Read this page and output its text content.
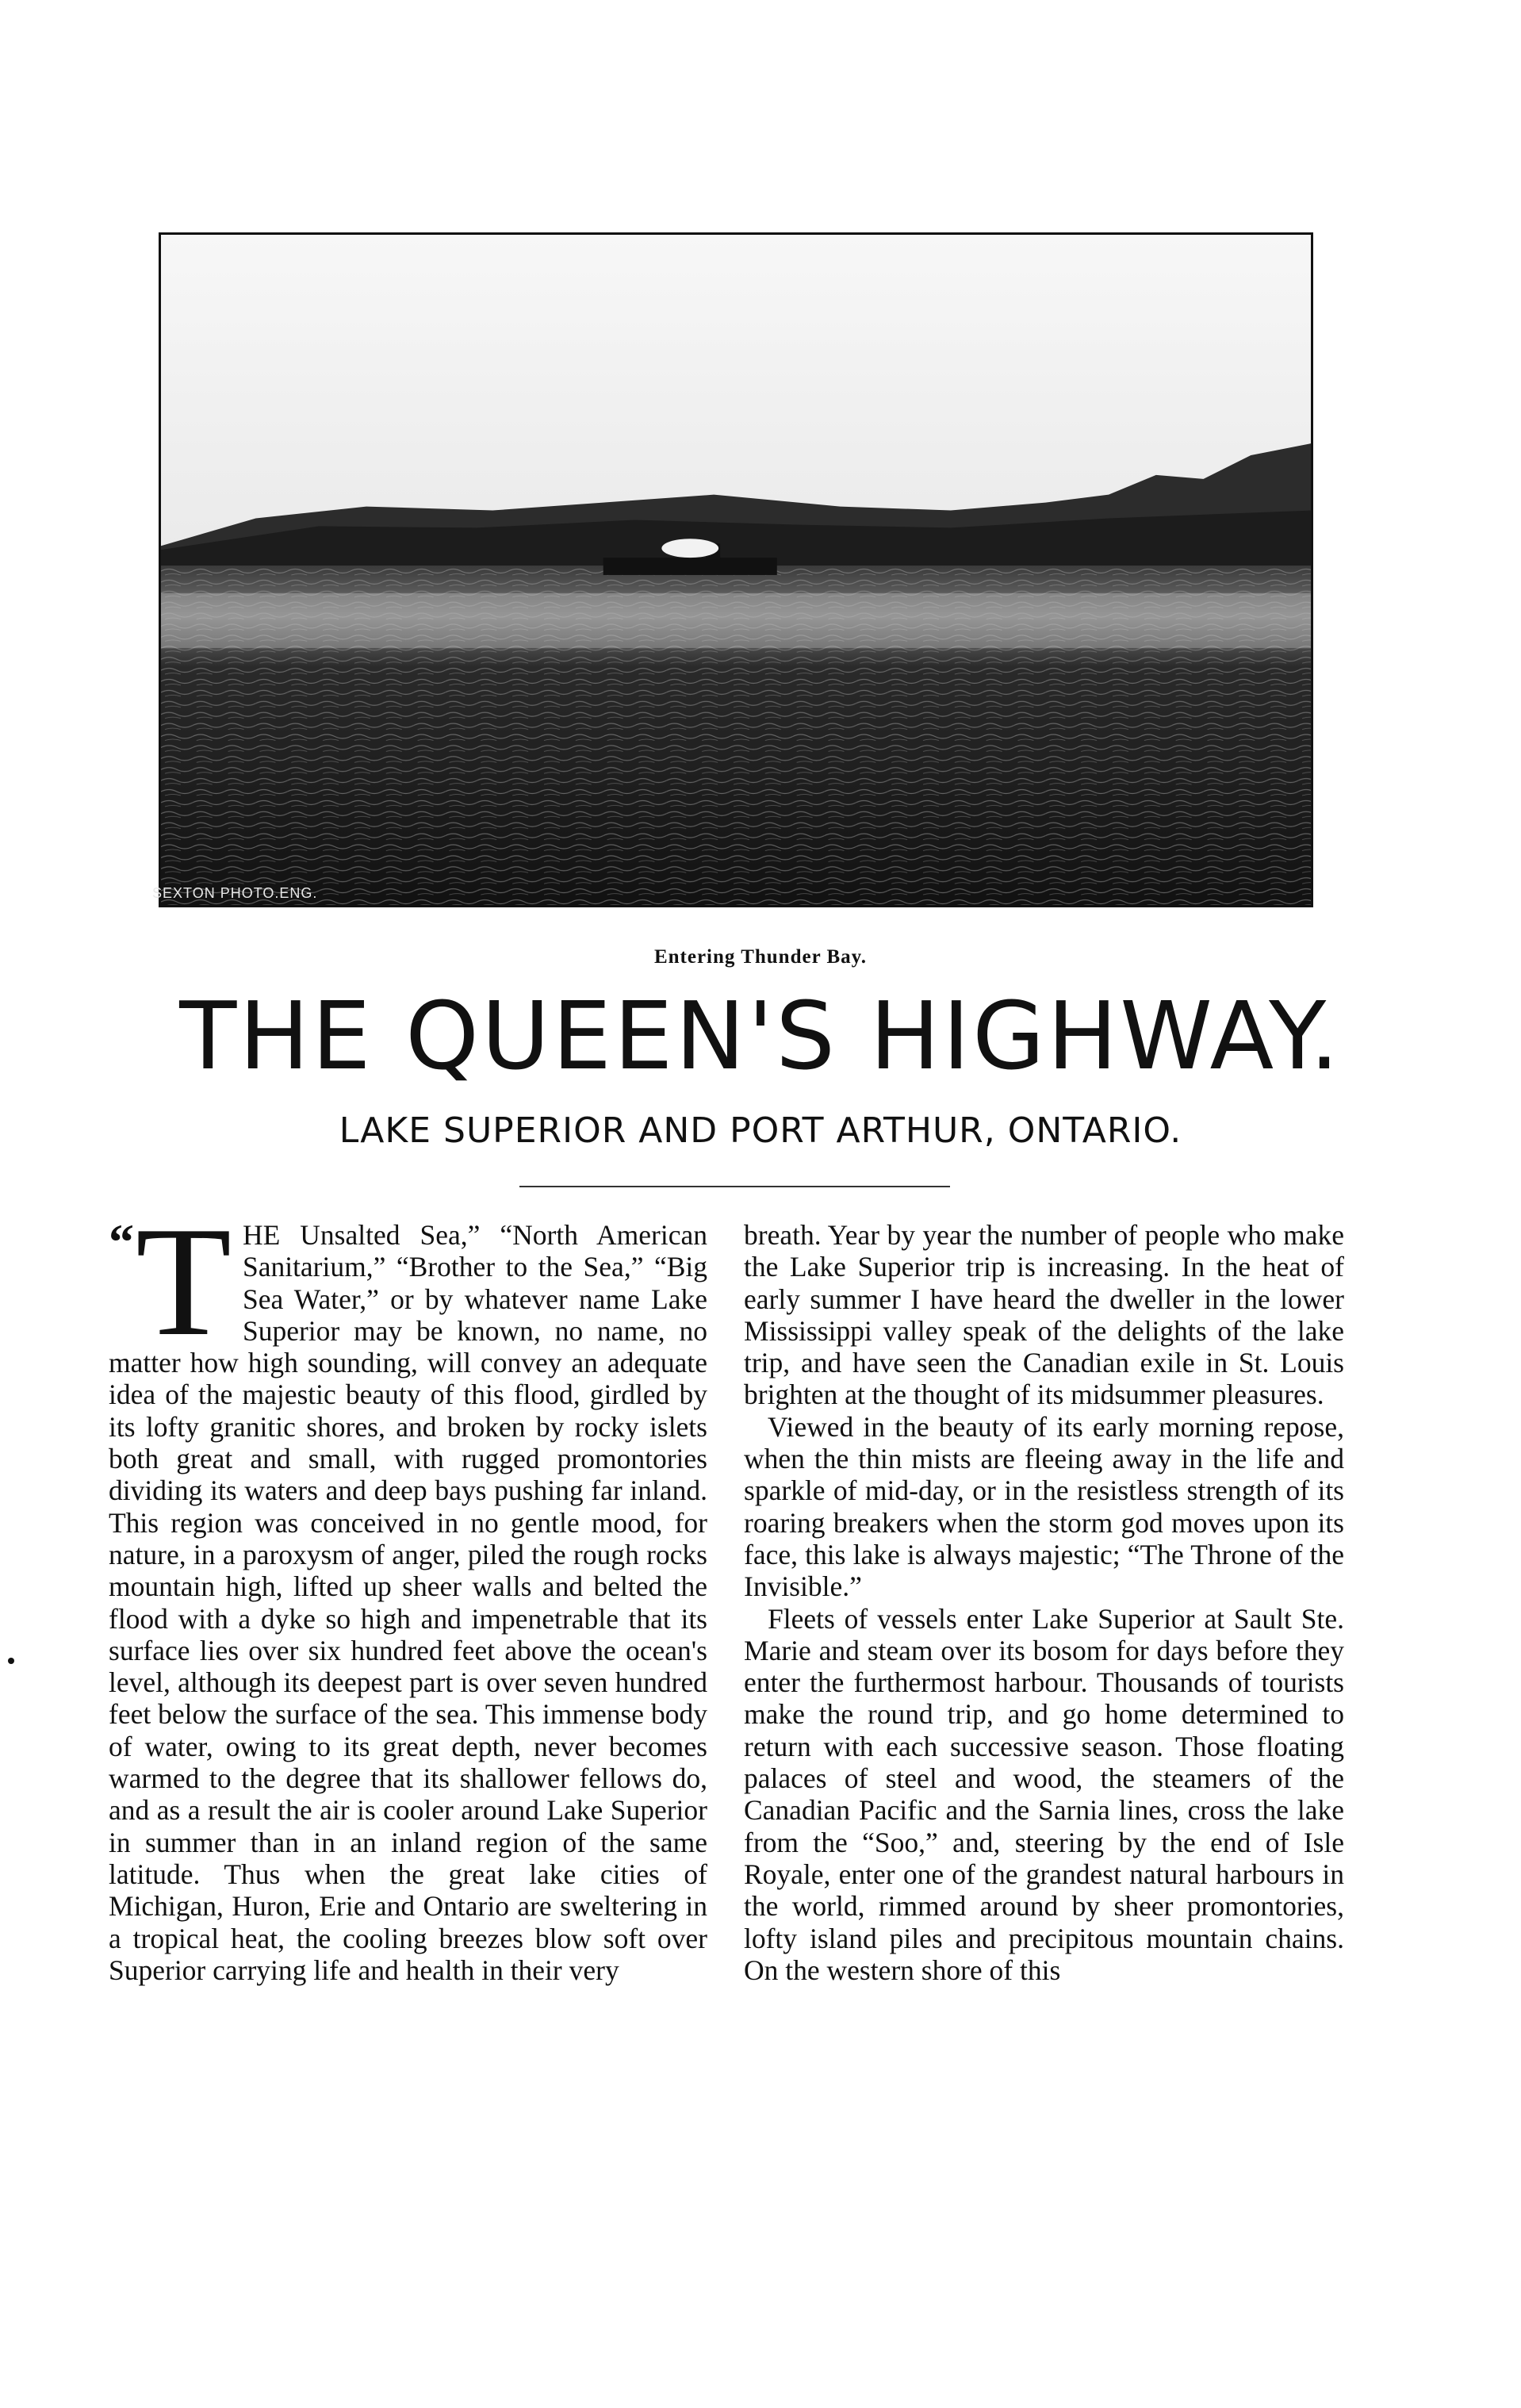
SEXTON PHOTO.ENG.
Entering Thunder Bay.
THE QUEEN'S HIGHWAY.
LAKE SUPERIOR AND PORT ARTHUR, ONTARIO.
“ T HE Unsalted Sea,” “North American Sanitarium,” “Brother to the Sea,” “Big Sea Water,” or by whatever name Lake Superior may be known, no name, no matter how high sounding, will convey an adequate idea of the majestic beauty of this flood, girdled by its lofty granitic shores, and broken by rocky islets both great and small, with rugged promontories dividing its waters and deep bays pushing far inland. This region was conceived in no gentle mood, for nature, in a paroxysm of anger, piled the rough rocks mountain high, lifted up sheer walls and belted the flood with a dyke so high and impenetrable that its surface lies over six hundred feet above the ocean's level, although its deepest part is over seven hundred feet below the surface of the sea. This immense body of water, owing to its great depth, never becomes warmed to the degree that its shallower fellows do, and as a result the air is cooler around Lake Superior in summer than in an inland region of the same latitude. Thus when the great lake cities of Michigan, Huron, Erie and Ontario are sweltering in a tropical heat, the cooling breezes blow soft over Superior carrying life and health in their very

breath. Year by year the number of people who make the Lake Superior trip is increasing. In the heat of early summer I have heard the dweller in the lower Mississippi valley speak of the delights of the lake trip, and have seen the Canadian exile in St. Louis brighten at the thought of its midsummer pleasures.

Viewed in the beauty of its early morning repose, when the thin mists are fleeing away in the life and sparkle of mid-day, or in the resistless strength of its roaring breakers when the storm god moves upon its face, this lake is always majestic; “The Throne of the Invisible.”

Fleets of vessels enter Lake Superior at Sault Ste. Marie and steam over its bosom for days before they enter the furthermost harbour. Thousands of tourists make the round trip, and go home determined to return with each successive season. Those floating palaces of steel and wood, the steamers of the Canadian Pacific and the Sarnia lines, cross the lake from the “Soo,” and, steering by the end of Isle Royale, enter one of the grandest natural harbours in the world, rimmed around by sheer promontories, lofty island piles and precipitous mountain chains. On the western shore of this
